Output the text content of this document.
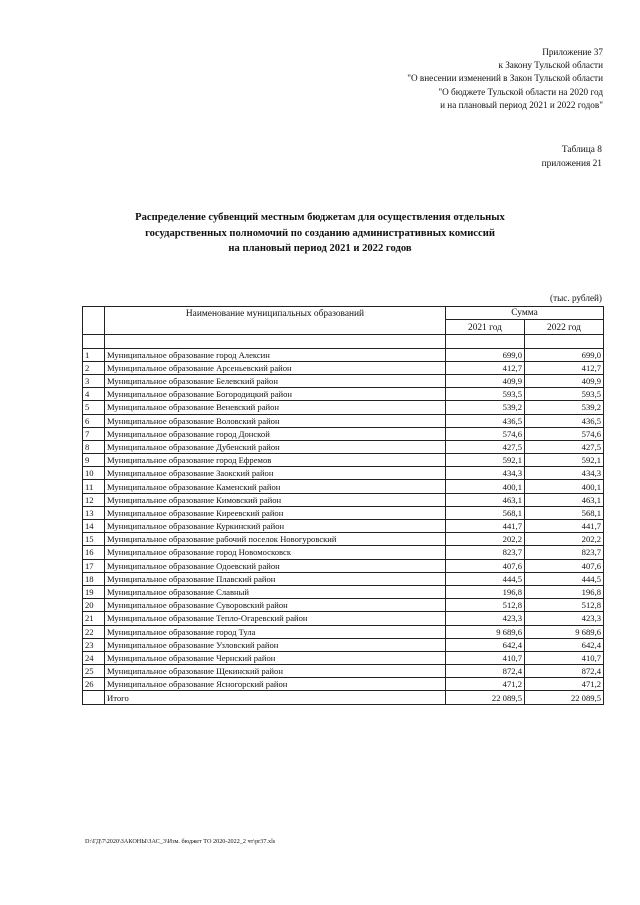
Приложение 37
к Закону Тульской области
"О внесении изменений в Закон Тульской области
"О бюджете Тульской области на 2020 год
и на плановый период 2021 и 2022 годов"
Таблица 8
приложения 21
Распределение субвенций местным бюджетам для осуществления отдельных
государственных полномочий по созданию административных комиссий
на плановый период 2021 и 2022 годов
(тыс. рублей)
	Наименование муниципальных образований	Сумма	
		2021 год	2022 год

1	Муниципальное образование город Алексин	699,0	699,0
2	Муниципальное образование Арсеньевский район	412,7	412,7
3	Муниципальное образование Белевский район	409,9	409,9
4	Муниципальное образование Богородицкий район	593,5	593,5
5	Муниципальное образование Веневский район	539,2	539,2
6	Муниципальное образование Воловский район	436,5	436,5
7	Муниципальное образование город Донской	574,6	574,6
8	Муниципальное образование Дубенский район	427,5	427,5
9	Муниципальное образование город Ефремов	592,1	592,1
10	Муниципальное образование Заокский район	434,3	434,3
11	Муниципальное образование Каменский район	400,1	400,1
12	Муниципальное образование Кимовский район	463,1	463,1
13	Муниципальное образование Киреевский район	568,1	568,1
14	Муниципальное образование Куркинский район	441,7	441,7
15	Муниципальное образование рабочий поселок Новогуровский	202,2	202,2
16	Муниципальное образование город Новомосковск	823,7	823,7
17	Муниципальное образование Одоевский район	407,6	407,6
18	Муниципальное образование Плавский район	444,5	444,5
19	Муниципальное образование Славный	196,8	196,8
20	Муниципальное образование Суворовский район	512,8	512,8
21	Муниципальное образование Тепло-Огаревский район	423,3	423,3
22	Муниципальное образование город Тула	9 689,6	9 689,6
23	Муниципальное образование Узловский район	642,4	642,4
24	Муниципальное образование Чернский район	410,7	410,7
25	Муниципальное образование Щекинский район	872,4	872,4
26	Муниципальное образование Ясногорский район	471,2	471,2
	Итого	22 089,5	22 089,5
D:\ГД\7\2020\ЗАКОНЫ\ЗАС_3\Изм. бюджет ТО 2020-2022_2 чт\pr37.xls
